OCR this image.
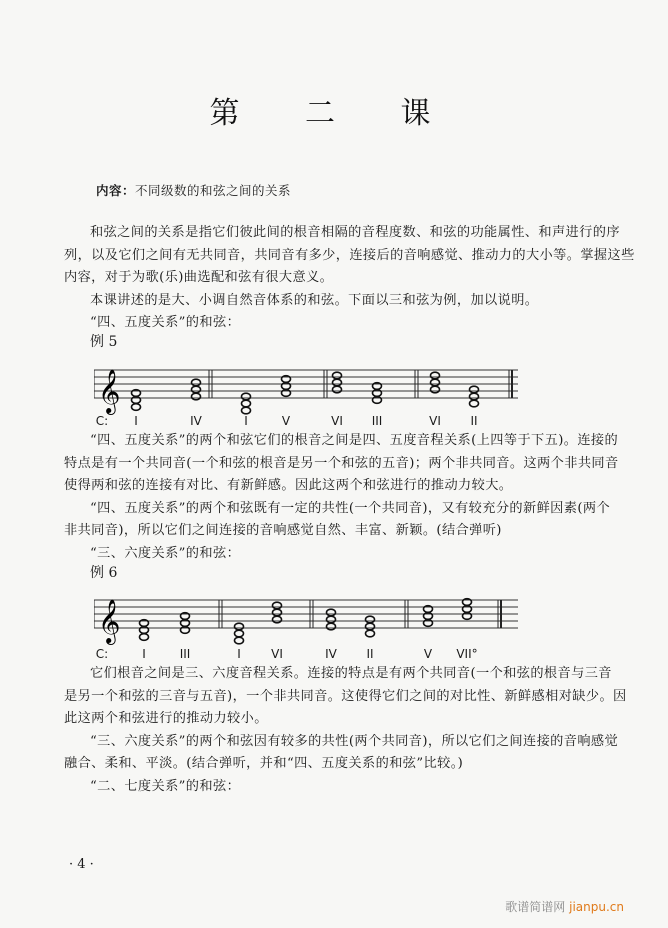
第 二 课
内容：不同级数的和弦之间的关系

和弦之间的关系是指它们彼此间的根音相隔的音程度数、和弦的功能属性、和声进行的序

列，以及它们之间有无共同音，共同音有多少，连接后的音响感觉、推动力的大小等。掌握这些

内容，对于为歌(乐)曲选配和弦有很大意义。

本课讲述的是大、小调自然音体系的和弦。下面以三和弦为例，加以说明。

“四、五度关系”的和弦：

例 5
𝄞
C: I	IV	I	V	VI III	VI II

“四、五度关系”的两个和弦它们的根音之间是四、五度音程关系(上四等于下五)。连接的

特点是有一个共同音(一个和弦的根音是另一个和弦的五音)；两个非共同音。这两个非共同音

使得两和弦的连接有对比、有新鲜感。因此这两个和弦进行的推动力较大。

“四、五度关系”的两个和弦既有一定的共性(一个共同音)，又有较充分的新鲜因素(两个

非共同音)，所以它们之间连接的音响感觉自然、丰富、新颖。(结合弹听)

“三、六度关系”的和弦：

例 6
𝄞
C:	I	III	I	VI	IV II	V VII°

它们根音之间是三、六度音程关系。连接的特点是有两个共同音(一个和弦的根音与三音

是另一个和弦的三音与五音)，一个非共同音。这使得它们之间的对比性、新鲜感相对缺少。因

此这两个和弦进行的推动力较小。

“三、六度关系”的两个和弦因有较多的共性(两个共同音)，所以它们之间连接的音响感觉

融合、柔和、平淡。(结合弹听，并和“四、五度关系的和弦”比较。)

“二、七度关系”的和弦：

· 4 ·
歌谱简谱网 jianpu.cn
